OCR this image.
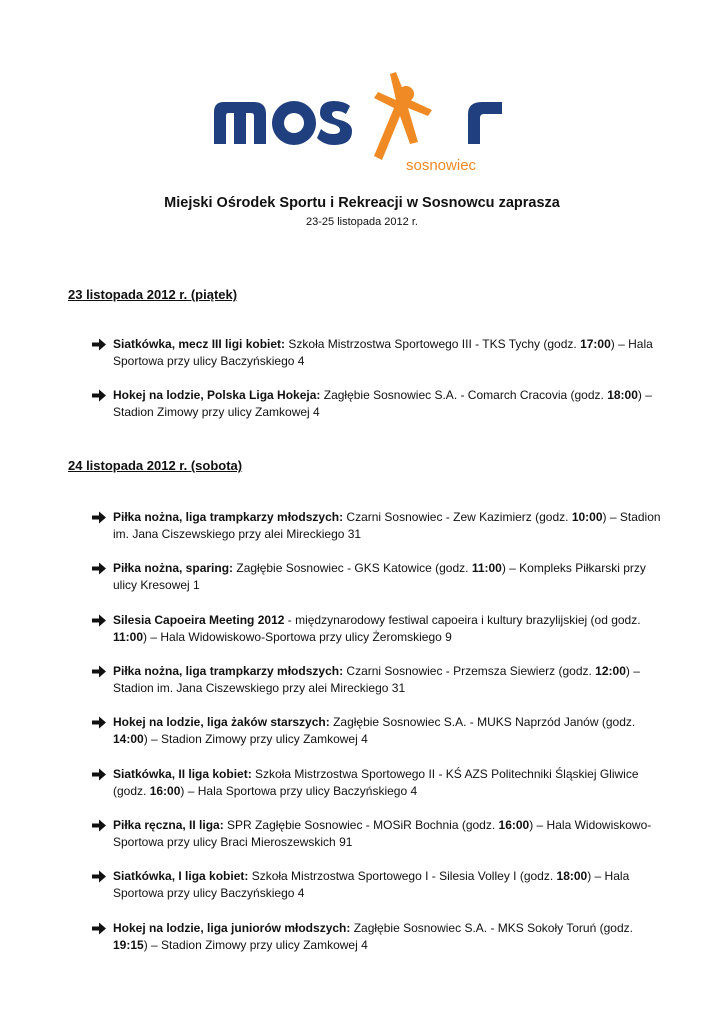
sosnowiec
Miejski Ośrodek Sportu i Rekreacji w Sosnowcu zaprasza
23-25 listopada 2012 r.
23 listopada 2012 r. (piątek)
Siatkówka, mecz III ligi kobiet: Szkoła Mistrzostwa Sportowego III - TKS Tychy (godz. 17:00) – Hala Sportowa przy ulicy Baczyńskiego 4
Hokej na lodzie, Polska Liga Hokeja: Zagłębie Sosnowiec S.A. - Comarch Cracovia (godz. 18:00) – Stadion Zimowy przy ulicy Zamkowej 4
24 listopada 2012 r. (sobota)
Piłka nożna, liga trampkarzy młodszych: Czarni Sosnowiec - Zew Kazimierz (godz. 10:00) – Stadion im. Jana Ciszewskiego przy alei Mireckiego 31
Piłka nożna, sparing: Zagłębie Sosnowiec - GKS Katowice (godz. 11:00) – Kompleks Piłkarski przy ulicy Kresowej 1
Silesia Capoeira Meeting 2012 - międzynarodowy festiwal capoeira i kultury brazylijskiej (od godz. 11:00) – Hala Widowiskowo-Sportowa przy ulicy Żeromskiego 9
Piłka nożna, liga trampkarzy młodszych: Czarni Sosnowiec - Przemsza Siewierz (godz. 12:00) – Stadion im. Jana Ciszewskiego przy alei Mireckiego 31
Hokej na lodzie, liga żaków starszych: Zagłębie Sosnowiec S.A. - MUKS Naprzód Janów (godz. 14:00) – Stadion Zimowy przy ulicy Zamkowej 4
Siatkówka, II liga kobiet: Szkoła Mistrzostwa Sportowego II - KŚ AZS Politechniki Śląskiej Gliwice (godz. 16:00) – Hala Sportowa przy ulicy Baczyńskiego 4
Piłka ręczna, II liga: SPR Zagłębie Sosnowiec - MOSiR Bochnia (godz. 16:00) – Hala Widowiskowo-Sportowa przy ulicy Braci Mieroszewskich 91
Siatkówka, I liga kobiet: Szkoła Mistrzostwa Sportowego I - Silesia Volley I (godz. 18:00) – Hala Sportowa przy ulicy Baczyńskiego 4
Hokej na lodzie, liga juniorów młodszych: Zagłębie Sosnowiec S.A. - MKS Sokoły Toruń (godz. 19:15) – Stadion Zimowy przy ulicy Zamkowej 4
